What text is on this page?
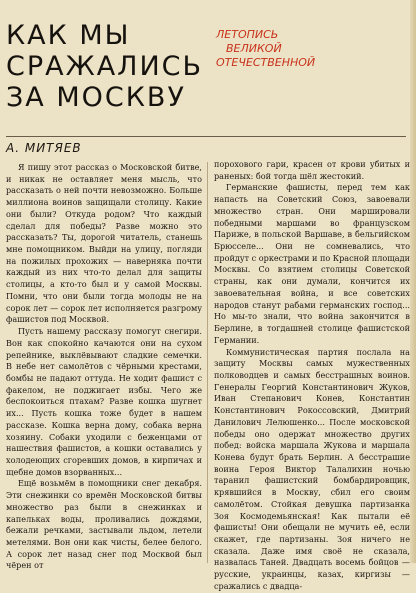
КАК МЫ
СРАЖАЛИСЬ
ЗА МОСКВУ
ЛЕТОПИСЬ
ВЕЛИКОЙ
ОТЕЧЕСТВЕННОЙ
А. МИТЯЕВ

Я пишу этот рассказ о Московской битве, и никак не оставляет меня мысль, что рассказать о ней почти невозможно. Больше миллиона воинов защищали столицу. Какие они были? Откуда родом? Что каждый сделал для победы? Разве можно это рассказать? Ты, дорогой читатель, станешь мне помощником. Выйди на улицу, погляди на пожилых прохожих — наверняка почти каждый из них что-то делал для защиты столицы, а кто-то был и у самой Москвы. Помни, что они были тогда молоды не на сорок лет — сорок лет исполняется разгрому фашистов под Москвой.

Пусть нашему рассказу помогут снегири. Вон как спокойно качаются они на сухом репейнике, выклёвывают сладкие семечки. В небе нет самолётов с чёрными крестами, бомбы не падают оттуда. Не ходит фашист с факелом, не поджигает избы. Чего же беспокоиться птахам? Разве кошка шугнет их... Пусть кошка тоже будет в нашем рассказе. Кошка верна дому, собака верна хозяину. Собаки уходили с беженцами от нашествия фашистов, а кошки оставались у холодеющих сгоревших домов, в кирпичах и щебне домов взорванных...

Ещё возьмём в помощники снег декабря. Эти снежинки со времён Московской битвы множество раз были в снежинках и капельках воды, проливались дождями, бежали речками, застывали льдом, летели метелями. Вон они как чисты, белее белого. А сорок лет назад снег под Москвой был чёрен от

порохового гари, красен от крови убитых и раненых: бой тогда шёл жестокий.

Германские фашисты, перед тем как напасть на Советский Союз, завоевали множество стран. Они маршировали победными маршами во французском Париже, в польской Варшаве, в бельгийском Брюсселе... Они не сомневались, что пройдут с оркестрами и по Красной площади Москвы. Со взятием столицы Советской страны, как они думали, кончится их завоевательная война, и все советских народов станут рабами германских господ... Но мы-то знали, что война закончится в Берлине, в тогдашней столице фашистской Германии.

Коммунистическая партия послала на защиту Москвы самых мужественных полководцев и самых бесстрашных воинов. Генералы Георгий Константинович Жуков, Иван Степанович Конев, Константин Константинович Рокоссовский, Дмитрий Данилович Лелюшенко... После московской победы оно одержат множество других побед: войска маршала Жукова и маршала Конева будут брать Берлин. А бесстрашие воина Героя Виктор Талалихин ночью таранил фашистский бомбардировщик, крявшийся в Москву, сбил его своим самолётом. Стойкая девушка партизанка Зоя Космодемьянская! Как пытали её фашисты! Они обещали не мучить её, если скажет, где партизаны. Зоя ничего не сказала. Даже имя своё не сказала, назвалась Таней. Двадцать восемь бойцов — русские, украинцы, казах, киргизы — сражались с двадца-
